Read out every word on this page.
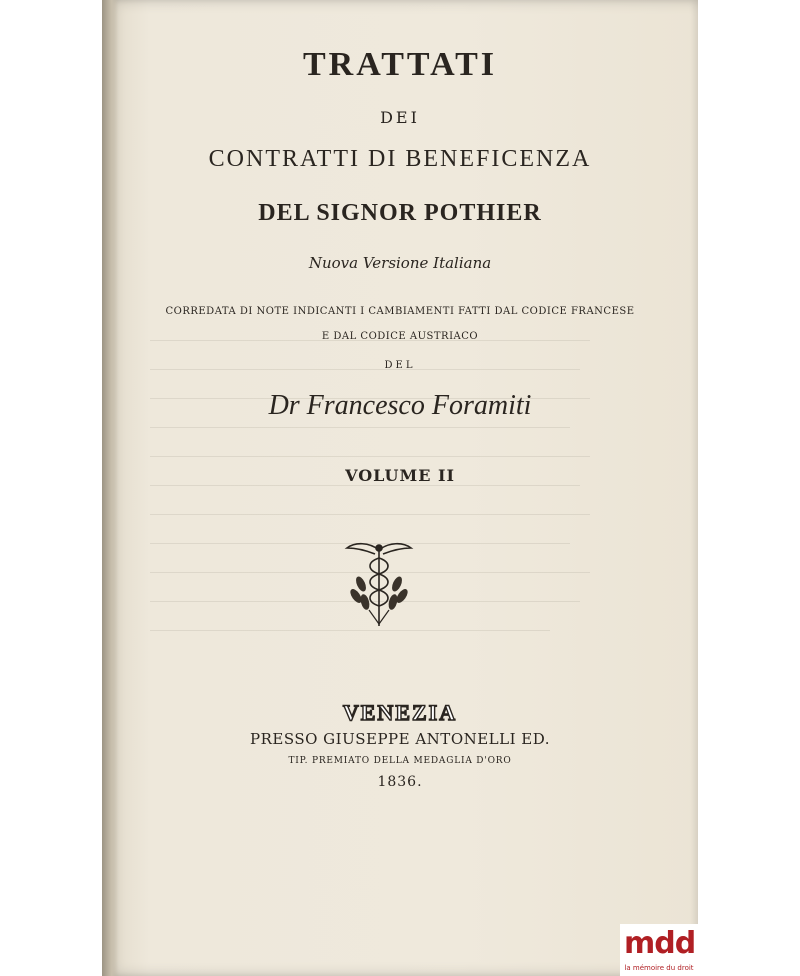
TRATTATI
DEI
CONTRATTI DI BENEFICENZA
DEL SIGNOR POTHIER
Nuova Versione Italiana
CORREDATA DI NOTE INDICANTI I CAMBIAMENTI FATTI DAL CODICE FRANCESE
E DAL CODICE AUSTRIACO
DEL
Dr Francesco Foramiti
VOLUME II
VENEZIA
PRESSO GIUSEPPE ANTONELLI ED.
TIP. PREMIATO DELLA MEDAGLIA D'ORO
1836.
mdd
la mémoire du droit
